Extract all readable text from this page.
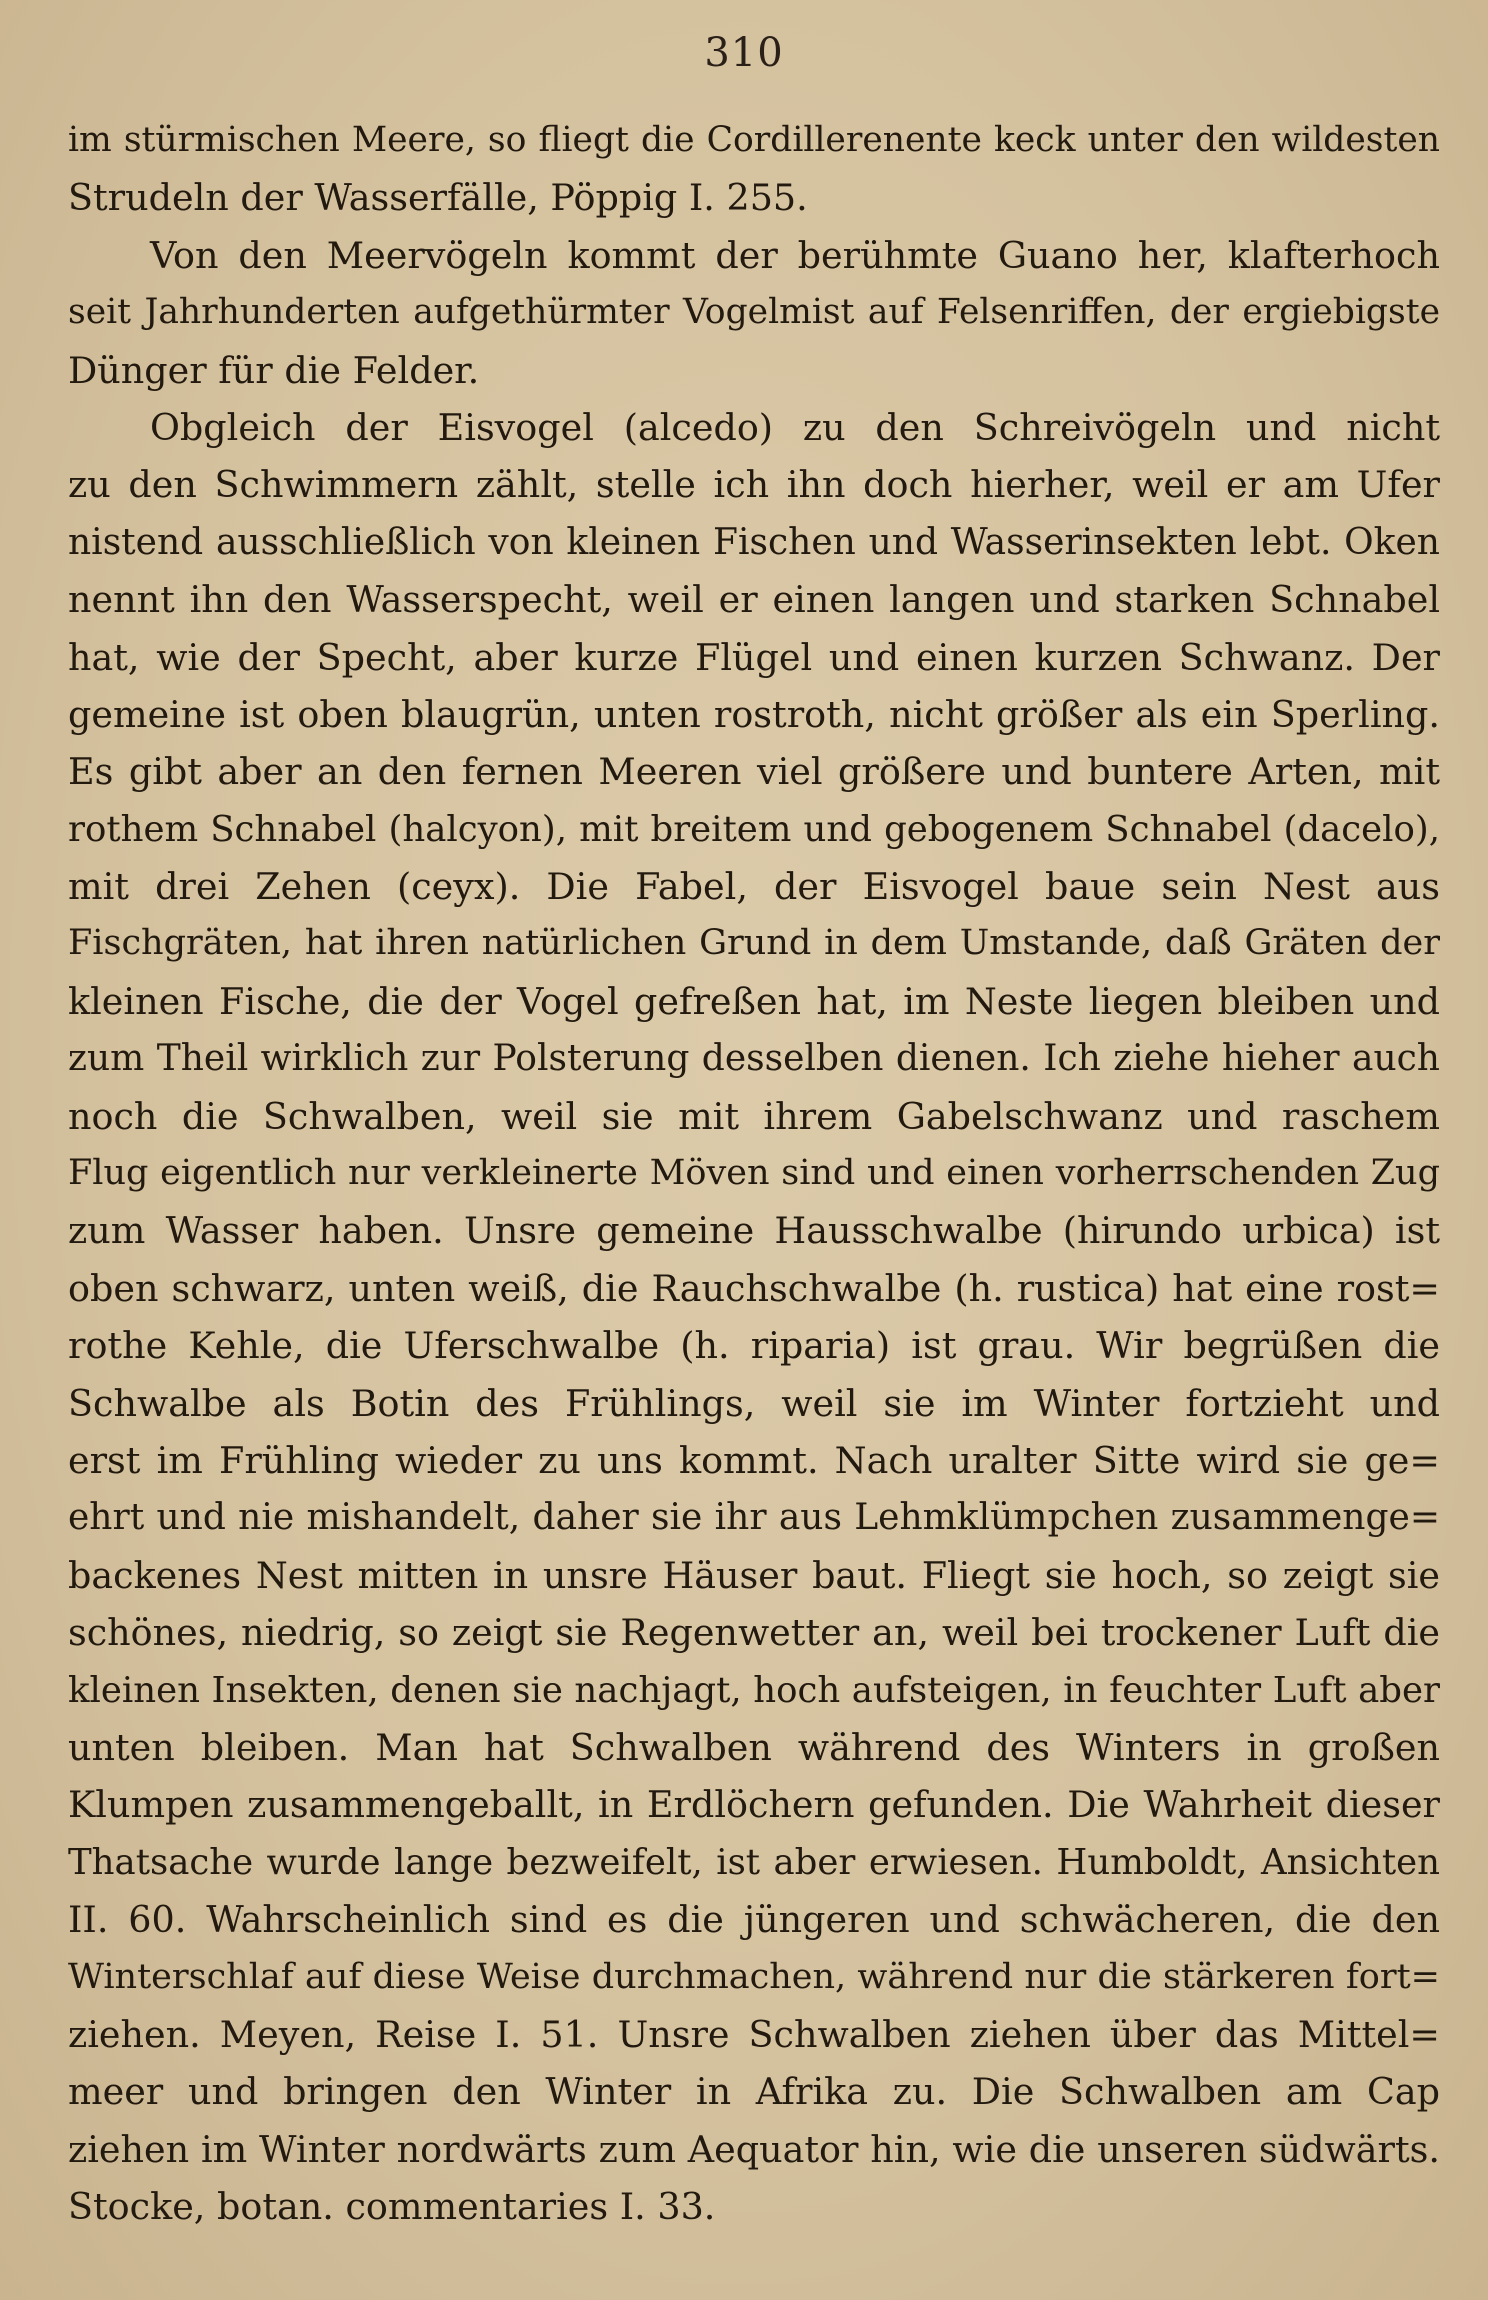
310
im stürmischen Meere, so fliegt die Cordillerenente keck unter den wildesten
Strudeln der Wasserfälle, Pöppig I. 255.
Von den Meervögeln kommt der berühmte Guano her, klafterhoch
seit Jahrhunderten aufgethürmter Vogelmist auf Felsenriffen, der ergiebigste
Dünger für die Felder.
Obgleich der Eisvogel (alcedo) zu den Schreivögeln und nicht
zu den Schwimmern zählt, stelle ich ihn doch hierher, weil er am Ufer
nistend ausschließlich von kleinen Fischen und Wasserinsekten lebt. Oken
nennt ihn den Wasserspecht, weil er einen langen und starken Schnabel
hat, wie der Specht, aber kurze Flügel und einen kurzen Schwanz. Der
gemeine ist oben blaugrün, unten rostroth, nicht größer als ein Sperling.
Es gibt aber an den fernen Meeren viel größere und buntere Arten, mit
rothem Schnabel (halcyon), mit breitem und gebogenem Schnabel (dacelo),
mit drei Zehen (ceyx). Die Fabel, der Eisvogel baue sein Nest aus
Fischgräten, hat ihren natürlichen Grund in dem Umstande, daß Gräten der
kleinen Fische, die der Vogel gefreßen hat, im Neste liegen bleiben und
zum Theil wirklich zur Polsterung desselben dienen. Ich ziehe hieher auch
noch die Schwalben, weil sie mit ihrem Gabelschwanz und raschem
Flug eigentlich nur verkleinerte Möven sind und einen vorherrschenden Zug
zum Wasser haben. Unsre gemeine Hausschwalbe (hirundo urbica) ist
oben schwarz, unten weiß, die Rauchschwalbe (h. rustica) hat eine rost=
rothe Kehle, die Uferschwalbe (h. riparia) ist grau. Wir begrüßen die
Schwalbe als Botin des Frühlings, weil sie im Winter fortzieht und
erst im Frühling wieder zu uns kommt. Nach uralter Sitte wird sie ge=
ehrt und nie mishandelt, daher sie ihr aus Lehmklümpchen zusammenge=
backenes Nest mitten in unsre Häuser baut. Fliegt sie hoch, so zeigt sie
schönes, niedrig, so zeigt sie Regenwetter an, weil bei trockener Luft die
kleinen Insekten, denen sie nachjagt, hoch aufsteigen, in feuchter Luft aber
unten bleiben. Man hat Schwalben während des Winters in großen
Klumpen zusammengeballt, in Erdlöchern gefunden. Die Wahrheit dieser
Thatsache wurde lange bezweifelt, ist aber erwiesen. Humboldt, Ansichten
II. 60. Wahrscheinlich sind es die jüngeren und schwächeren, die den
Winterschlaf auf diese Weise durchmachen, während nur die stärkeren fort=
ziehen. Meyen, Reise I. 51. Unsre Schwalben ziehen über das Mittel=
meer und bringen den Winter in Afrika zu. Die Schwalben am Cap
ziehen im Winter nordwärts zum Aequator hin, wie die unseren südwärts.
Stocke, botan. commentaries I. 33.
